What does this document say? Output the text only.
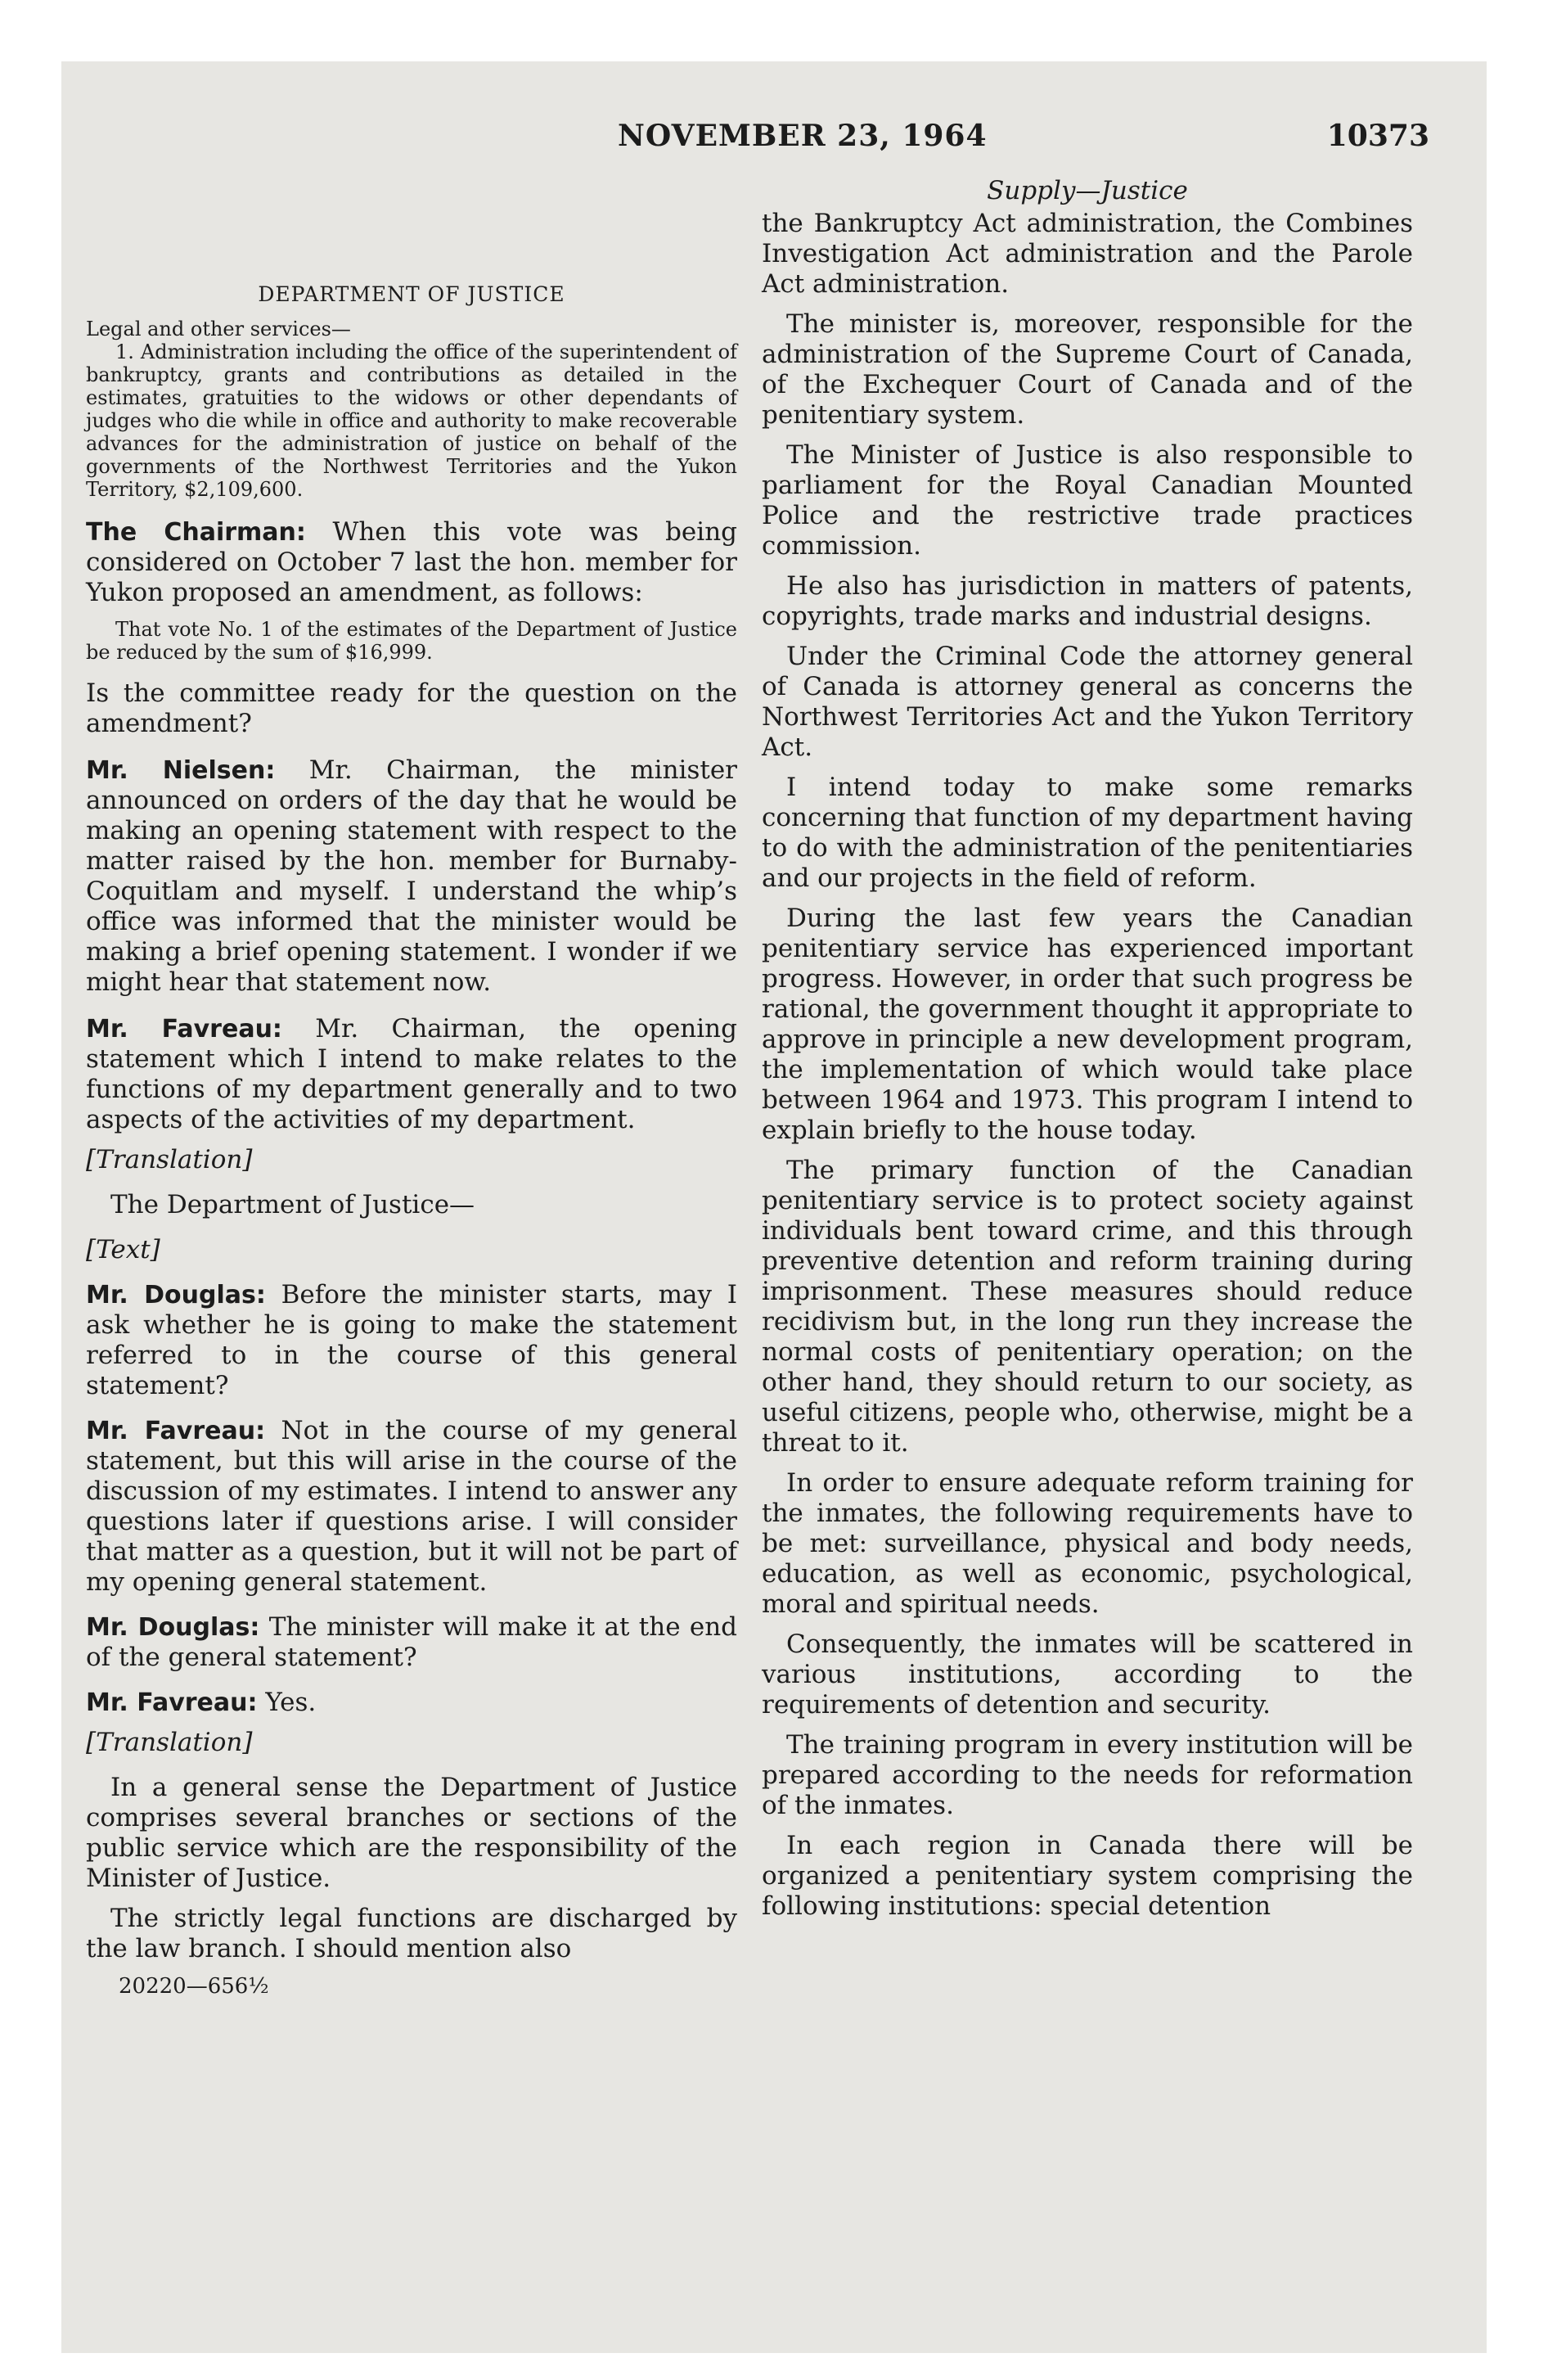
NOVEMBER 23, 1964	10373
DEPARTMENT OF JUSTICE

Legal and other services—

1. Administration including the office of the superintendent of bankruptcy, grants and contributions as detailed in the estimates, gratuities to the widows or other dependants of judges who die while in office and authority to make recoverable advances for the administration of justice on behalf of the governments of the Northwest Territories and the Yukon Territory, $2,109,600.

The Chairman: When this vote was being considered on October 7 last the hon. member for Yukon proposed an amendment, as follows:

That vote No. 1 of the estimates of the Department of Justice be reduced by the sum of $16,999.

Is the committee ready for the question on the amendment?

Mr. Nielsen: Mr. Chairman, the minister announced on orders of the day that he would be making an opening statement with respect to the matter raised by the hon. member for Burnaby-Coquitlam and myself. I understand the whip’s office was informed that the minister would be making a brief opening statement. I wonder if we might hear that statement now.

Mr. Favreau: Mr. Chairman, the opening statement which I intend to make relates to the functions of my department generally and to two aspects of the activities of my department.

[Translation]
The Department of Justice—
[Text]

Mr. Douglas: Before the minister starts, may I ask whether he is going to make the statement referred to in the course of this general statement?

Mr. Favreau: Not in the course of my general statement, but this will arise in the course of the discussion of my estimates. I intend to answer any questions later if questions arise. I will consider that matter as a question, but it will not be part of my opening general statement.

Mr. Douglas: The minister will make it at the end of the general statement?

Mr. Favreau: Yes.

[Translation]

In a general sense the Department of Justice comprises several branches or sections of the public service which are the responsibility of the Minister of Justice.

The strictly legal functions are discharged by the law branch. I should mention also

20220—656½
Supply—Justice

the Bankruptcy Act administration, the Combines Investigation Act administration and the Parole Act administration.

The minister is, moreover, responsible for the administration of the Supreme Court of Canada, of the Exchequer Court of Canada and of the penitentiary system.

The Minister of Justice is also responsible to parliament for the Royal Canadian Mounted Police and the restrictive trade practices commission.

He also has jurisdiction in matters of patents, copyrights, trade marks and industrial designs.

Under the Criminal Code the attorney general of Canada is attorney general as concerns the Northwest Territories Act and the Yukon Territory Act.

I intend today to make some remarks concerning that function of my department having to do with the administration of the penitentiaries and our projects in the field of reform.

During the last few years the Canadian penitentiary service has experienced important progress. However, in order that such progress be rational, the government thought it appropriate to approve in principle a new development program, the implementation of which would take place between 1964 and 1973. This program I intend to explain briefly to the house today.

The primary function of the Canadian penitentiary service is to protect society against individuals bent toward crime, and this through preventive detention and reform training during imprisonment. These measures should reduce recidivism but, in the long run they increase the normal costs of penitentiary operation; on the other hand, they should return to our society, as useful citizens, people who, otherwise, might be a threat to it.

In order to ensure adequate reform training for the inmates, the following requirements have to be met: surveillance, physical and body needs, education, as well as economic, psychological, moral and spiritual needs.

Consequently, the inmates will be scattered in various institutions, according to the requirements of detention and security.

The training program in every institution will be prepared according to the needs for reformation of the inmates.

In each region in Canada there will be organized a penitentiary system comprising the following institutions: special detention
